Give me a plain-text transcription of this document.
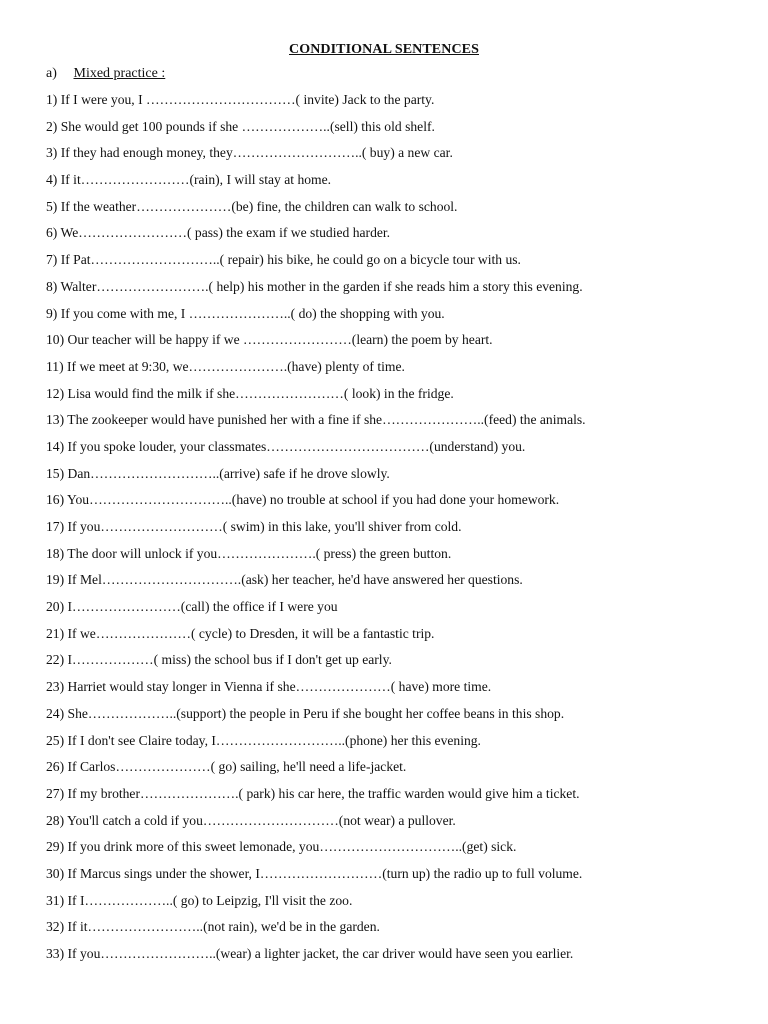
CONDITIONAL SENTENCES
a) Mixed practice :
1) If I were you, I ……………………………( invite) Jack to the party.
2) She would get 100 pounds if she ………………..(sell) this old shelf.
3) If they had enough money, they………………………..( buy) a new car.
4) If it……………………(rain), I will stay at home.
5) If the weather…………………(be) fine, the children can walk to school.
6) We……………………( pass) the exam if we studied harder.
7) If Pat………………………..( repair) his bike, he could go on a bicycle tour with us.
8) Walter…………………….( help) his mother in the garden if she reads him a story this evening.
9) If you come with me, I …………………..( do) the shopping with you.
10) Our teacher will be happy if we ……………………(learn) the poem by heart.
11) If we meet at 9:30, we………………….(have) plenty of time.
12) Lisa would find the milk if she……………………( look) in the fridge.
13) The zookeeper would have punished her with a fine if she…………………..(feed) the animals.
14) If you spoke louder, your classmates………………………………(understand) you.
15) Dan………………………..(arrive) safe if he drove slowly.
16) You…………………………..(have) no trouble at school if you had done your homework.
17) If you………………………( swim) in this lake, you'll shiver from cold.
18) The door will unlock if you………………….( press) the green button.
19) If Mel………………………….(ask) her teacher, he'd have answered her questions.
20) I……………………(call) the office if I were you
21) If we…………………( cycle) to Dresden, it will be a fantastic trip.
22) I………………( miss) the school bus if I don't get up early.
23) Harriet would stay longer in Vienna if she…………………( have) more time.
24) She………………..(support) the people in Peru if she bought her coffee beans in this shop.
25) If I don't see Claire today, I………………………..(phone) her this evening.
26) If Carlos…………………( go) sailing, he'll need a life-jacket.
27) If my brother………………….( park) his car here, the traffic warden would give him a ticket.
28) You'll catch a cold if you…………………………(not wear) a pullover.
29) If you drink more of this sweet lemonade, you…………………………..(get) sick.
30) If Marcus sings under the shower, I………………………(turn up) the radio up to full volume.
31) If I………………..( go) to Leipzig, I'll visit the zoo.
32) If it……………………..(not rain), we'd be in the garden.
33) If you……………………..(wear) a lighter jacket, the car driver would have seen you earlier.
